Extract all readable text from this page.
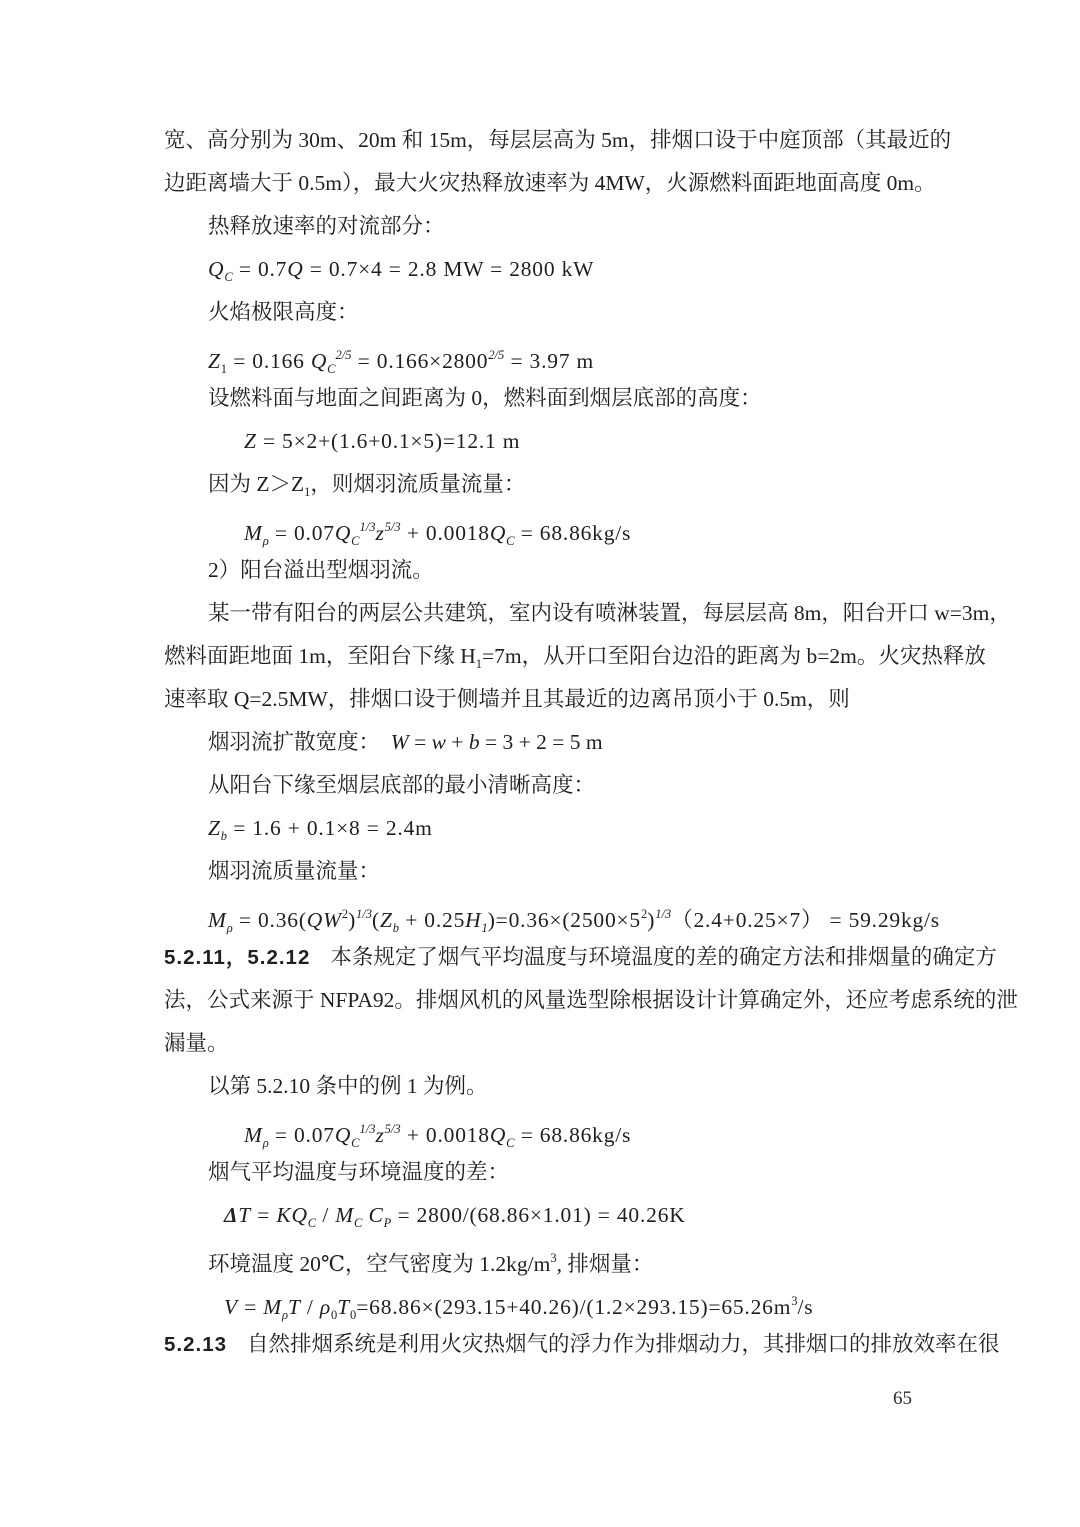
宽、高分别为 30m、20m 和 15m，每层层高为 5m，排烟口设于中庭顶部（其最近的
边距离墙大于 0.5m），最大火灾热释放速率为 4MW，火源燃料面距地面高度 0m。
热释放速率的对流部分：
$Q_C = 0.7Q = 0.7\times 4 = 2.8$ MW = 2800 kW
火焰极限高度：
$Z_1 = 0.166$ $Q_C^{2/5} = 0.166\times 2800^{2/5} = 3.97$ m
设燃料面与地面之间距离为 0，燃料面到烟层底部的高度：
Z = 5×2+(1.6+0.1×5)=12.1 m
因为 $Z>Z_1$，则烟羽流质量流量：
$M_\rho = 0.07Q_C^{1/3}z^{5/3} + 0.0018Q_C = 68.86kg/s$
2）阳台溢出型烟羽流。
某一带有阳台的两层公共建筑，室内设有喷淋装置，每层层高 8m，阳台开口 w=3m，
燃料面距地面 1m，至阳台下缘 $H_1=7m$，从开口至阳台边沿的距离为 b=2m。火灾热释放
速率取 Q=2.5MW，排烟口设于侧墙并且其最近的边离吊顶小于 0.5m，则
烟羽流扩散宽度：　W = w + b = 3 + 2 = 5 m
从阳台下缘至烟层底部的最小清晰高度：
$Z_b = 1.6 + 0.1\times 8 = 2.4m$
烟羽流质量流量：
$M_\rho = 0.36(QW^2)^{1/3}(Z_b + 0.25H_1)=0.36\times(2500\times 5^2)^{1/3}(2.4+0.25\times 7) = 59.29kg/s$
5.2.11，5.2.12 本条规定了烟气平均温度与环境温度的差的确定方法和排烟量的确定方
法，公式来源于 NFPA92。排烟风机的风量选型除根据设计计算确定外，还应考虑系统的泄
漏量。
以第 5.2.10 条中的例 1 为例。
$M_\rho = 0.07Q_C^{1/3}z^{5/3} + 0.0018Q_C = 68.86kg/s$
烟气平均温度与环境温度的差：
$\Delta T = KQ_C / M_C$ $C_P = 2800/(68.86\times 1.01) = 40.26K$
环境温度 20℃，空气密度为 $1.2kg/m^3$, 排烟量：
$V = M_\rho T / \rho_0T_0=68.86\times(293.15+40.26)/(1.2\times 293.15)=65.26m^3/s$
5.2.13 自然排烟系统是利用火灾热烟气的浮力作为排烟动力，其排烟口的排放效率在很
65
